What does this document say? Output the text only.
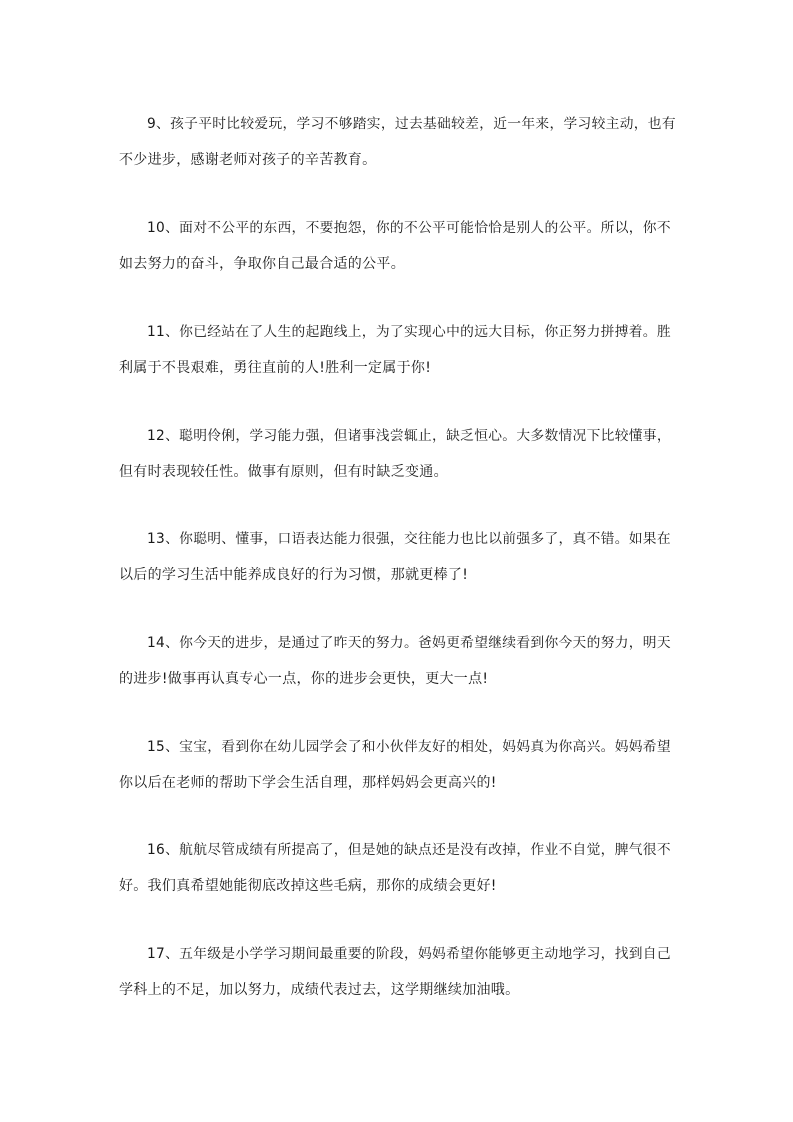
9、孩子平时比较爱玩，学习不够踏实，过去基础较差，近一年来，学习较主动，也有
不少进步，感谢老师对孩子的辛苦教育。
10、面对不公平的东西，不要抱怨，你的不公平可能恰恰是别人的公平。所以，你不
如去努力的奋斗，争取你自己最合适的公平。
11、你已经站在了人生的起跑线上，为了实现心中的远大目标，你正努力拼搏着。胜
利属于不畏艰难，勇往直前的人!胜利一定属于你!
12、聪明伶俐，学习能力强，但诸事浅尝辄止，缺乏恒心。大多数情况下比较懂事，
但有时表现较任性。做事有原则，但有时缺乏变通。
13、你聪明、懂事，口语表达能力很强，交往能力也比以前强多了，真不错。如果在
以后的学习生活中能养成良好的行为习惯，那就更棒了!
14、你今天的进步，是通过了昨天的努力。爸妈更希望继续看到你今天的努力，明天
的进步!做事再认真专心一点，你的进步会更快，更大一点!
15、宝宝，看到你在幼儿园学会了和小伙伴友好的相处，妈妈真为你高兴。妈妈希望
你以后在老师的帮助下学会生活自理，那样妈妈会更高兴的!
16、航航尽管成绩有所提高了，但是她的缺点还是没有改掉，作业不自觉，脾气很不
好。我们真希望她能彻底改掉这些毛病，那你的成绩会更好!
17、五年级是小学学习期间最重要的阶段，妈妈希望你能够更主动地学习，找到自己
学科上的不足，加以努力，成绩代表过去，这学期继续加油哦。
